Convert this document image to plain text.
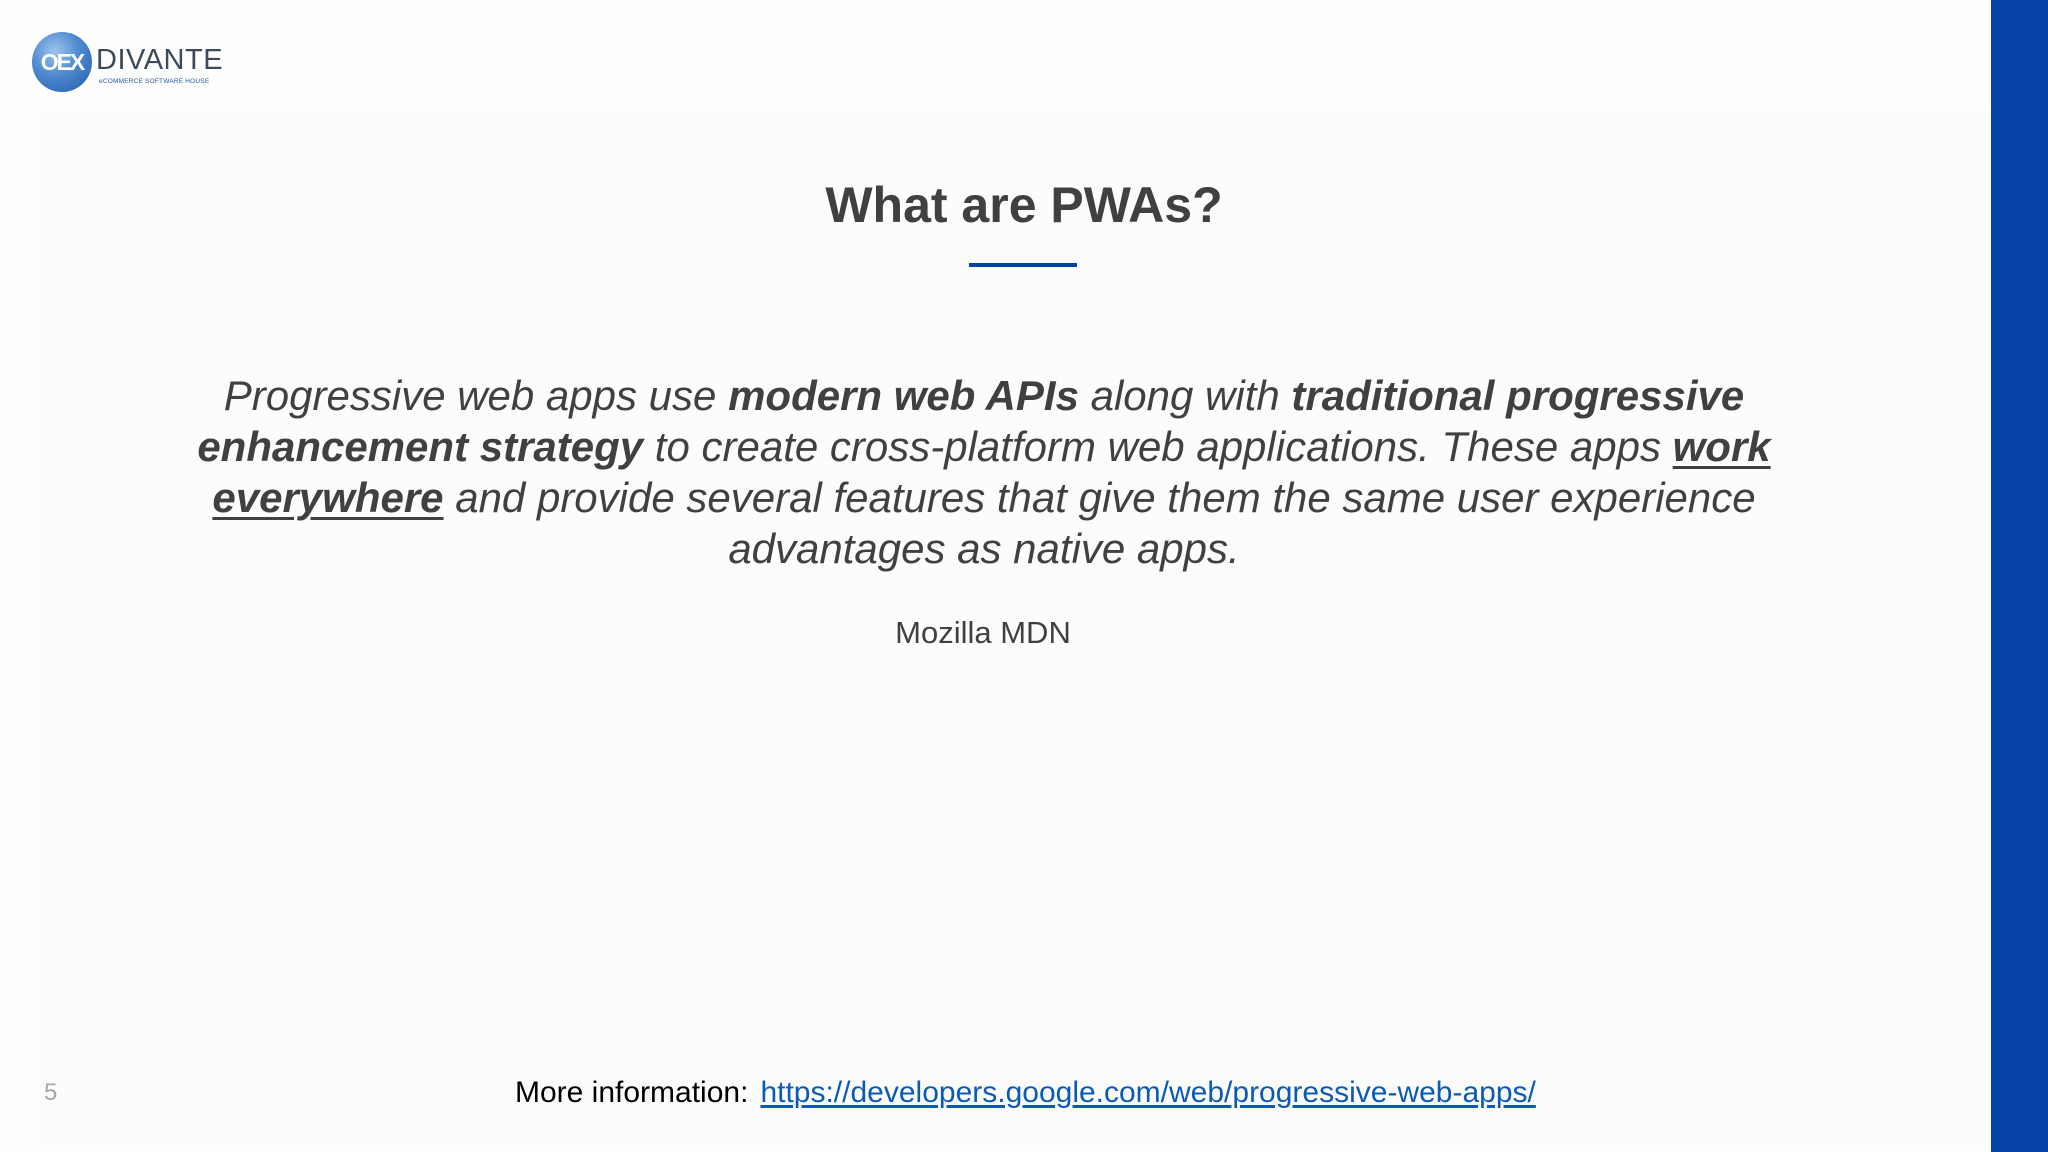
OEX DIVANTE
eCOMMERCE SOFTWARE HOUSE
What are PWAs?
Progressive web apps use modern web APIs along with traditional progressive enhancement strategy to create cross-platform web applications. These apps work everywhere and provide several features that give them the same user experience advantages as native apps.
Mozilla MDN
5	More information: https://developers.google.com/web/progressive-web-apps/
